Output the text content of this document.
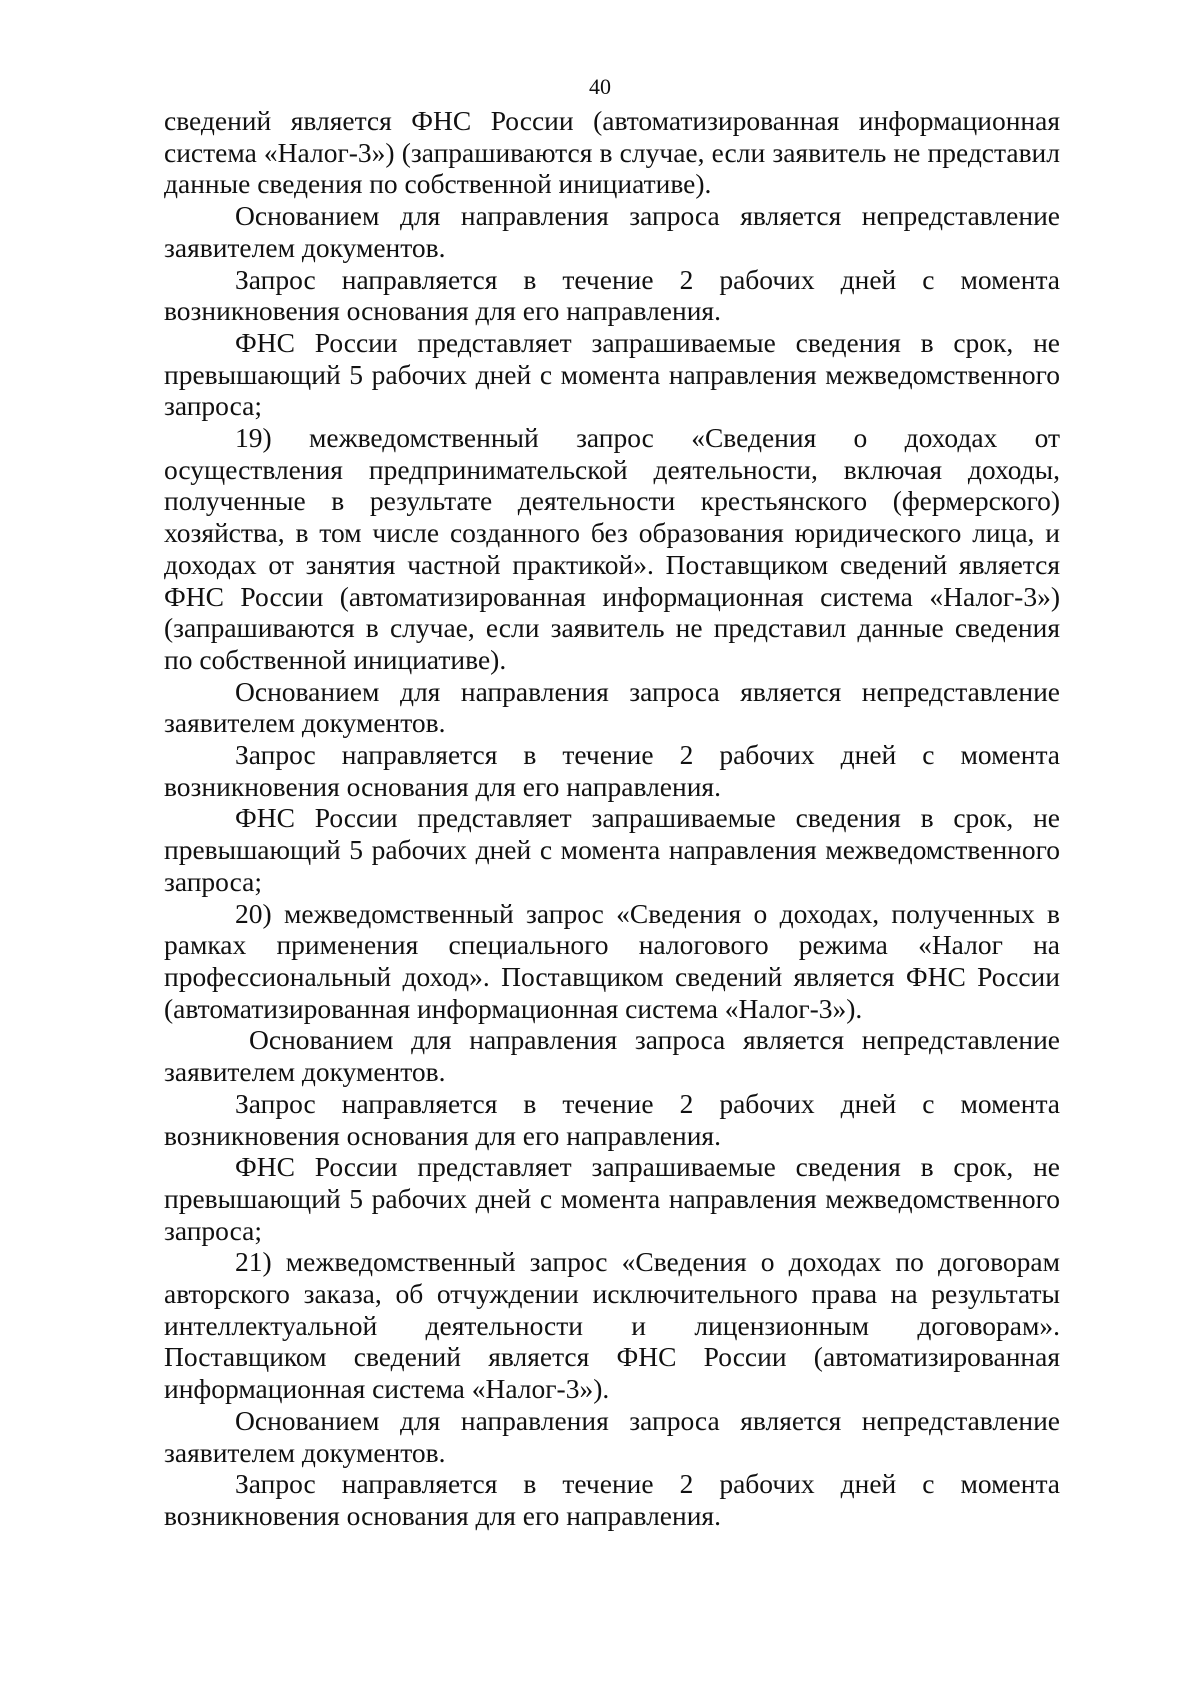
40

сведений является ФНС России (автоматизированная информационная система «Налог-3») (запрашиваются в случае, если заявитель не представил данные сведения по собственной инициативе).

Основанием для направления запроса является непредставление заявителем документов.

Запрос направляется в течение 2 рабочих дней с момента возникновения основания для его направления.

ФНС России представляет запрашиваемые сведения в срок, не превышающий 5 рабочих дней с момента направления межведомственного запроса;

19) межведомственный запрос «Сведения о доходах от осуществления предпринимательской деятельности, включая доходы, полученные в результате деятельности крестьянского (фермерского) хозяйства, в том числе созданного без образования юридического лица, и доходах от занятия частной практикой». Поставщиком сведений является ФНС России (автоматизированная информационная система «Налог-3») (запрашиваются в случае, если заявитель не представил данные сведения по собственной инициативе).

Основанием для направления запроса является непредставление заявителем документов.

Запрос направляется в течение 2 рабочих дней с момента возникновения основания для его направления.

ФНС России представляет запрашиваемые сведения в срок, не превышающий 5 рабочих дней с момента направления межведомственного запроса;

20) межведомственный запрос «Сведения о доходах, полученных в рамках применения специального налогового режима «Налог на профессиональный доход». Поставщиком сведений является ФНС России (автоматизированная информационная система «Налог-3»).

Основанием для направления запроса является непредставление заявителем документов.

Запрос направляется в течение 2 рабочих дней с момента возникновения основания для его направления.

ФНС России представляет запрашиваемые сведения в срок, не превышающий 5 рабочих дней с момента направления межведомственного запроса;

21) межведомственный запрос «Сведения о доходах по договорам авторского заказа, об отчуждении исключительного права на результаты интеллектуальной деятельности и лицензионным договорам». Поставщиком сведений является ФНС России (автоматизированная информационная система «Налог-3»).

Основанием для направления запроса является непредставление заявителем документов.

Запрос направляется в течение 2 рабочих дней с момента возникновения основания для его направления.
